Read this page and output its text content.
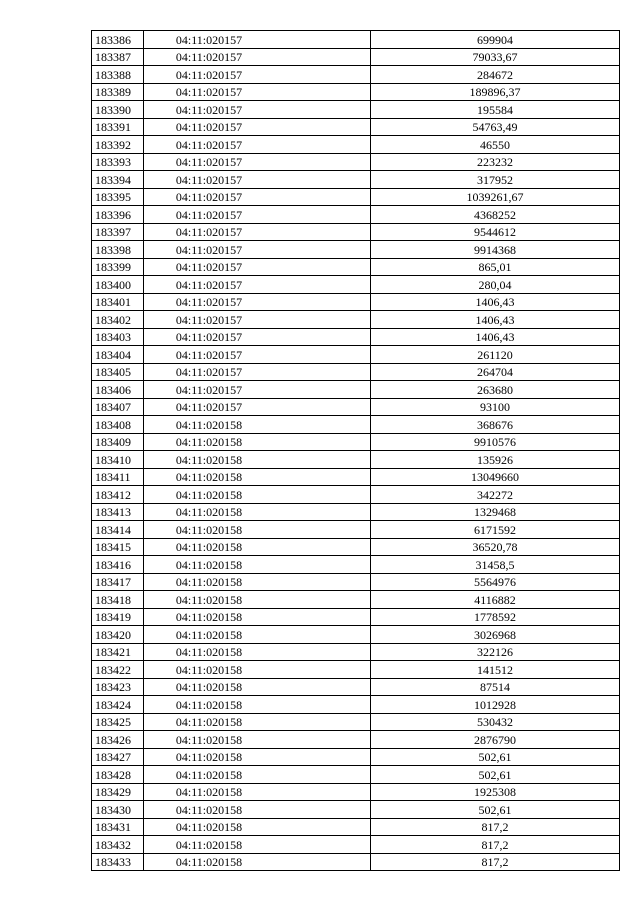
183386	04:11:020157	699904
183387	04:11:020157	79033,67
183388	04:11:020157	284672
183389	04:11:020157	189896,37
183390	04:11:020157	195584
183391	04:11:020157	54763,49
183392	04:11:020157	46550
183393	04:11:020157	223232
183394	04:11:020157	317952
183395	04:11:020157	1039261,67
183396	04:11:020157	4368252
183397	04:11:020157	9544612
183398	04:11:020157	9914368
183399	04:11:020157	865,01
183400	04:11:020157	280,04
183401	04:11:020157	1406,43
183402	04:11:020157	1406,43
183403	04:11:020157	1406,43
183404	04:11:020157	261120
183405	04:11:020157	264704
183406	04:11:020157	263680
183407	04:11:020157	93100
183408	04:11:020158	368676
183409	04:11:020158	9910576
183410	04:11:020158	135926
183411	04:11:020158	13049660
183412	04:11:020158	342272
183413	04:11:020158	1329468
183414	04:11:020158	6171592
183415	04:11:020158	36520,78
183416	04:11:020158	31458,5
183417	04:11:020158	5564976
183418	04:11:020158	4116882
183419	04:11:020158	1778592
183420	04:11:020158	3026968
183421	04:11:020158	322126
183422	04:11:020158	141512
183423	04:11:020158	87514
183424	04:11:020158	1012928
183425	04:11:020158	530432
183426	04:11:020158	2876790
183427	04:11:020158	502,61
183428	04:11:020158	502,61
183429	04:11:020158	1925308
183430	04:11:020158	502,61
183431	04:11:020158	817,2
183432	04:11:020158	817,2
183433	04:11:020158	817,2
